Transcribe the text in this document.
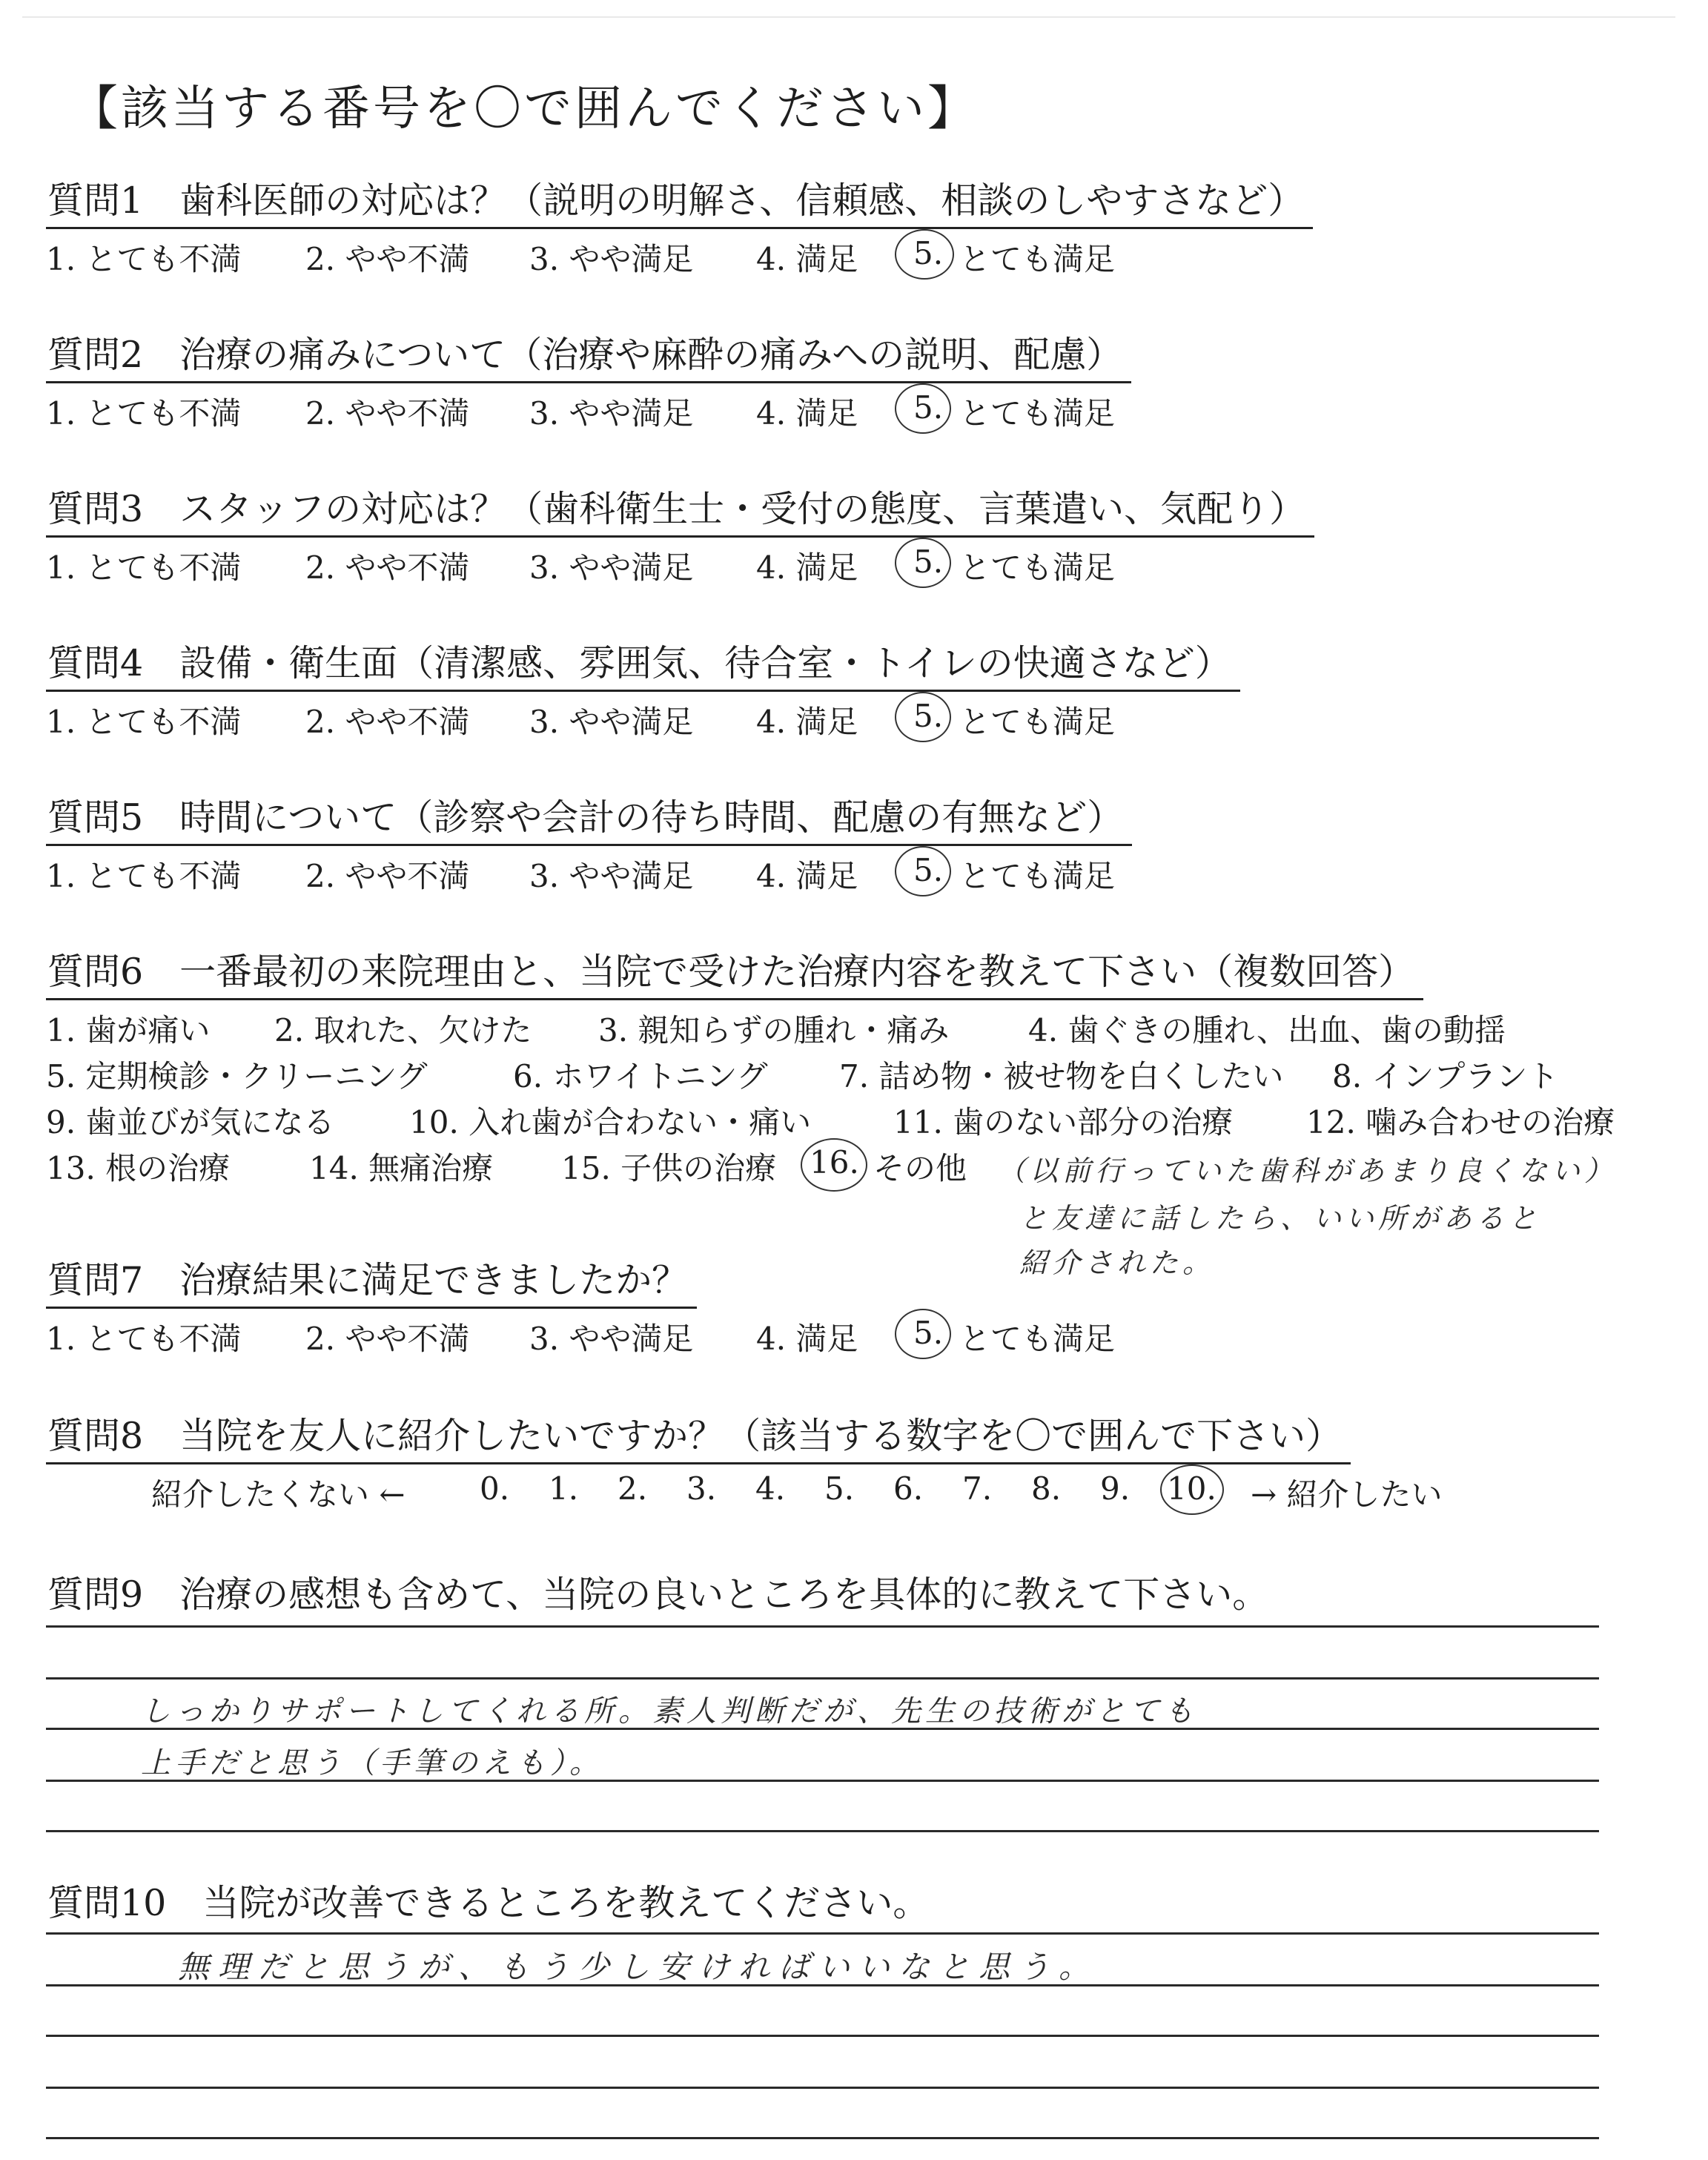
【該当する番号を〇で囲んでください】
質問1　歯科医師の対応は？（説明の明解さ、信頼感、相談のしやすさなど）
1. とても不満 2. やや不満 3. やや満足 4. 満足 5. とても満足
質問2　治療の痛みについて（治療や麻酔の痛みへの説明、配慮）
1. とても不満 2. やや不満 3. やや満足 4. 満足 5. とても満足
質問3　スタッフの対応は？（歯科衛生士・受付の態度、言葉遣い、気配り）
1. とても不満 2. やや不満 3. やや満足 4. 満足 5. とても満足
質問4　設備・衛生面（清潔感、雰囲気、待合室・トイレの快適さなど）
1. とても不満 2. やや不満 3. やや満足 4. 満足 5. とても満足
質問5　時間について（診察や会計の待ち時間、配慮の有無など）
1. とても不満 2. やや不満 3. やや満足 4. 満足 5. とても満足
質問6　一番最初の来院理由と、当院で受けた治療内容を教えて下さい（複数回答）
1. 歯が痛い 2. 取れた、欠けた 3. 親知らずの腫れ・痛み	4. 歯ぐきの腫れ、出血、歯の動揺
5. 定期検診・クリーニング	6. ホワイトニング 7. 詰め物・被せ物を白くしたい 8. インプラント
9. 歯並びが気になる 10. 入れ歯が合わない・痛い	11. 歯のない部分の治療 12. 噛み合わせの治療
13. 根の治療	14. 無痛治療 15. 子供の治療 16. その他 （以前行っていた歯科があまり良くない）
と友達に話したら、いい所があると
紹介された。
質問7　治療結果に満足できましたか？
1. とても不満 2. やや不満 3. やや満足 4. 満足 5. とても満足
質問8　当院を友人に紹介したいですか？（該当する数字を〇で囲んで下さい）
紹介したくない ← 0. 1. 2. 3. 4. 5. 6. 7. 8. 9. 10. → 紹介したい
質問9　治療の感想も含めて、当院の良いところを具体的に教えて下さい。
しっかりサポートしてくれる所。素人判断だが、先生の技術がとても
上手だと思う（手筆のえも）。
質問10　当院が改善できるところを教えてください。
無理だと思うが、もう少し安ければいいなと思う。
